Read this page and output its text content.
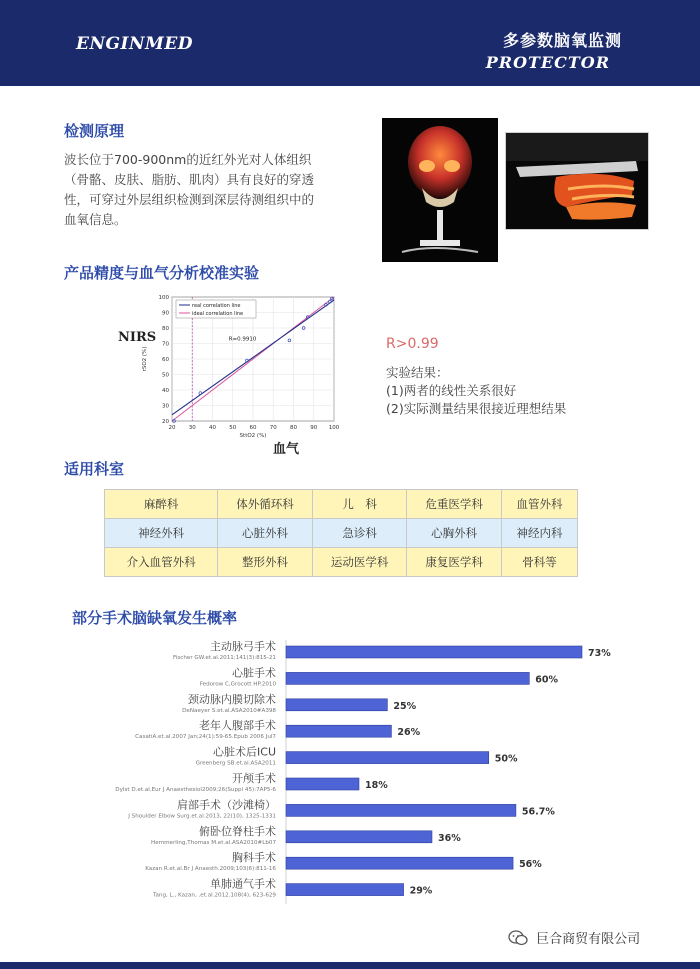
ENGINMED	多参数脑氧监测
PROTECTOR
检测原理
波长位于700-900nm的近红外光对人体组织（骨骼、皮肤、脂肪、肌肉）具有良好的穿透性，可穿过外层组织检测到深层待测组织中的血氧信息。
产品精度与血气分析校准实验
NIRS
血气
20 30 40 50 60 70 80 90 100
20
30
40
50
60
70
80
90
100
real correlation line
ideal correlation line
R=0.9910
SttO2 (%)
rSO2 (%)
R>0.99
实验结果：
(1)两者的线性关系很好
(2)实际测量结果很接近理想结果
适用科室
麻醉科	体外循环科	儿　科	危重医学科	血管外科
神经外科	心脏外科	急诊科	心胸外科	神经内科
介入血管外科	整形外科	运动医学科	康复医学科	骨科等
部分手术脑缺氧发生概率
主动脉弓手术
Fischer GW.et.al.2011;141(3):815-21	73%
心脏手术
Fedorow C,Grocott HP.2010	60%
颈动脉内膜切除术
DeNaeyer S.et.al.ASA2010#A398	25%
老年人腹部手术
CasatiA.et.al.2007 Jan;24(1):59-65.Epub 2006 Jul7	26%
心脏术后ICU
Greenberg SB.et.al.ASA2011	50%
开颅手术
Dylst D.et.al.Eur J Anaesthesiol2009;26(Suppl 45):7AP5-6	18%
肩部手术（沙滩椅）
J Shoulder Elbow Surg.et.al.2013, 22(10), 1325-1331	56.7%
俯卧位脊柱手术
Hemmerling,Thomas M.et.al.ASA2010#Lb07	36%
胸科手术
Kazan R.et.al.Br J Anaesth.2009;103(6):811-16	56%
单肺通气手术
Tang, L., Kazan, .et.al.2012.108(4), 623-629	29%
巨合商贸有限公司
